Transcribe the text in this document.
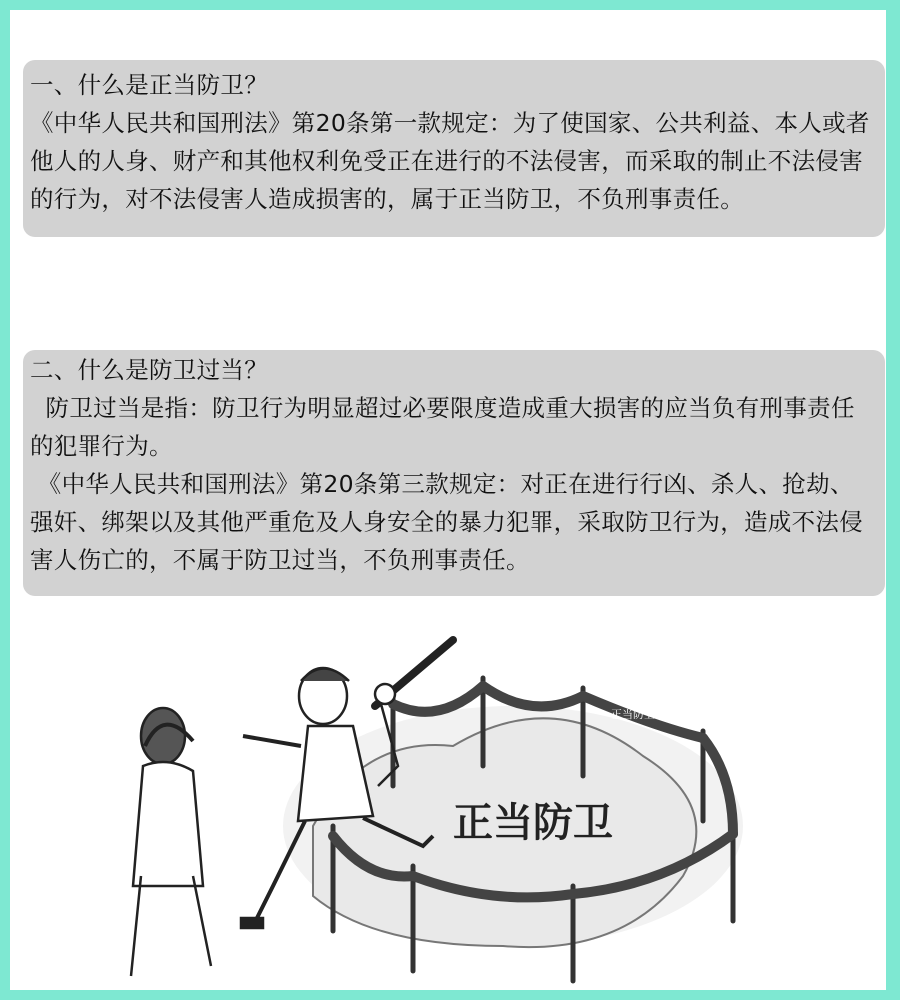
一、什么是正当防卫？
《中华人民共和国刑法》第20条第一款规定：为了使国家、公共利益、本人或者
他人的人身、财产和其他权利免受正在进行的不法侵害，而采取的制止不法侵害
的行为，对不法侵害人造成损害的，属于正当防卫，不负刑事责任。
二、什么是防卫过当？
防卫过当是指：防卫行为明显超过必要限度造成重大损害的应当负有刑事责任
的犯罪行为。
《中华人民共和国刑法》第20条第三款规定：对正在进行行凶、杀人、抢劫、
强奸、绑架以及其他严重危及人身安全的暴力犯罪，采取防卫行为，造成不法侵
害人伤亡的，不属于防卫过当，不负刑事责任。
正当防卫
正当防卫
